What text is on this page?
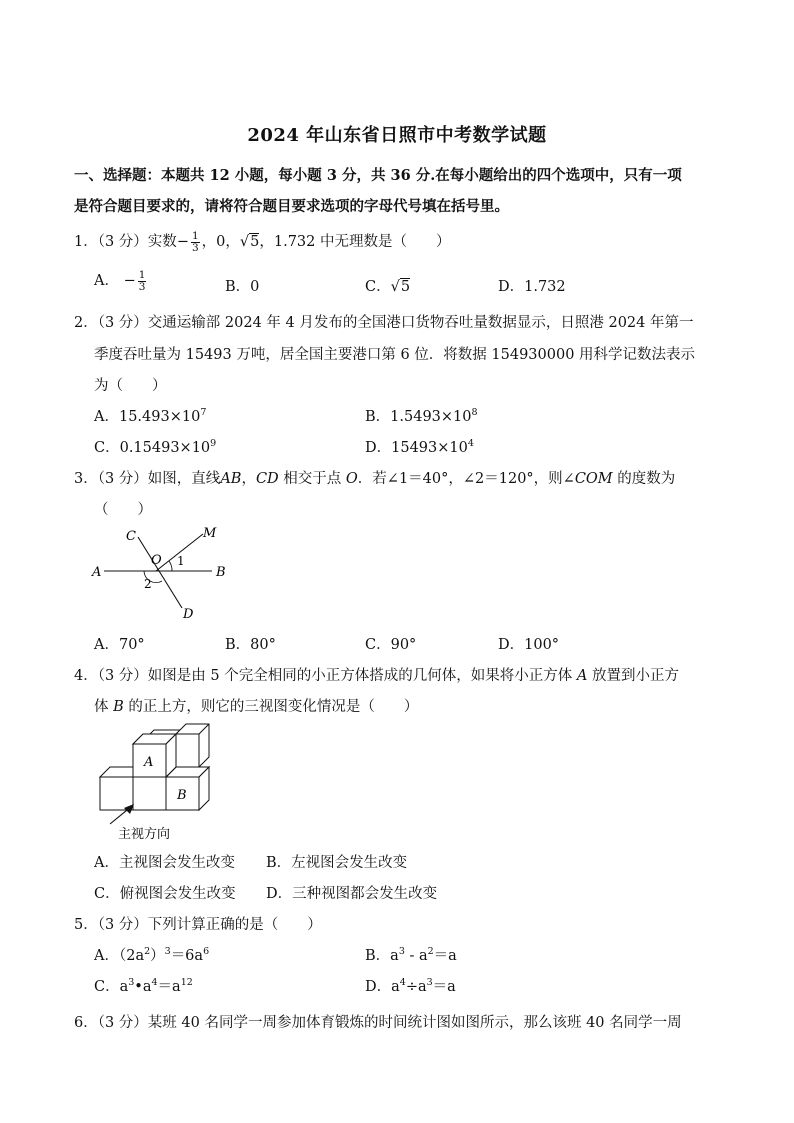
2024 年山东省日照市中考数学试题
一、选择题：本题共 12 小题，每小题 3 分，共 36 分.在每小题给出的四个选项中，只有一项
是符合题目要求的，请将符合题目要求选项的字母代号填在括号里。
1．（3 分）实数− $\frac{1}{3}$ ，0，√5，1.732 中无理数是（　　）
A． − $\frac{1}{3}$	B．0	C．√5	D．1.732
2．（3 分）交通运输部 2024 年 4 月发布的全国港口货物吞吐量数据显示，日照港 2024 年第一
季度吞吐量为 15493 万吨，居全国主要港口第 6 位．将数据 154930000 用科学记数法表示
为（　　）
A．$15.493\times 10^7$	B．$1.5493\times 10^8$
C．$0.15493\times 10^9$	D．$15493\times 10^4$
3．（3 分）如图，直线AB，CD 相交于点 O．若∠1＝40°，∠2＝120°，则∠COM 的度数为
（　　）
C	M
O 1
A	B
2
D
A．70°	B．80°	C．90°	D．100°
4．（3 分）如图是由 5 个完全相同的小正方体搭成的几何体，如果将小正方体 A 放置到小正方
体 B 的正上方，则它的三视图变化情况是（　　）
A
B
主视方向
A．主视图会发生改变 B．左视图会发生改变
C．俯视图会发生改变 D．三种视图都会发生改变
5．（3 分）下列计算正确的是（　　）
A．$(2a^2)^3=6a^6$	B．$a^3 - a^2=a$
C．$a^3•a^4=a^{12}$	D．$a^4\div a^3=a$
6．（3 分）某班 40 名同学一周参加体育锻炼的时间统计图如图所示，那么该班 40 名同学一周
